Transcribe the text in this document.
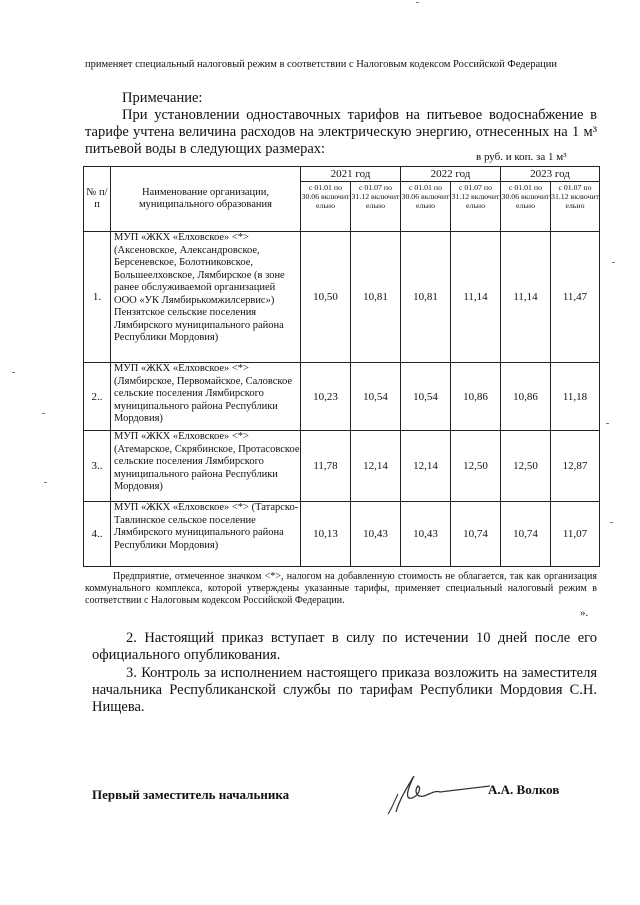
применяет специальный налоговый режим в соответствии с Налоговым кодексом Российской Федерации
Примечание:
При установлении одноставочных тарифов на питьевое водоснабжение в тарифе учтена величина расходов на электрическую энергию, отнесенных на 1 м³ питьевой воды в следующих размерах:	в руб. и коп. за 1 м³
№ п/п	Наименование организации, муниципального образования	2021 год		2022 год		2023 год	
		с 01.01 по 30.06 включит ельно	с 01.07 по 31.12 включит ельно	с 01.01 по 30.06 включит ельно	с 01.07 по 31.12 включит ельно	с 01.01 по 30.06 включит ельно	с 01.07 по 31.12 включит ельно
1.	МУП «ЖКХ «Елховское» <*> (Аксеновское, Александровское, Берсеневское, Болотниковское, Большеелховское, Лямбирское (в зоне ранее обслуживаемой организацией ООО «УК Лямбирькомжилсервис») Пензятское сельские поселения Лямбирского муниципального района Республики Мордовия)	10,50	10,81	10,81	11,14	11,14	11,47
2..	МУП «ЖКХ «Елховское» <*> (Лямбирское, Первомайское, Саловское сельские поселения Лямбирского муниципального района Республики Мордовия)	10,23	10,54	10,54	10,86	10,86	11,18
3..	МУП «ЖКХ «Елховское» <*> (Атемарское, Скрябинское, Протасовское сельские поселения Лямбирского муниципального района Республики Мордовия)	11,78	12,14	12,14	12,50	12,50	12,87
4..	МУП «ЖКХ «Елховское» <*> (Татарско-Тавлинское сельское поселение Лямбирского муниципального района Республики Мордовия)	10,13	10,43	10,43	10,74	10,74	11,07
Предприятие, отмеченное значком <*>, налогом на добавленную стоимость не облагается, так как организация коммунального комплекса, которой утверждены указанные тарифы, применяет специальный налоговый режим в соответствии с Налоговым кодексом Российской Федерации.
».
2. Настоящий приказ вступает в силу по истечении 10 дней после его официального опубликования.
3. Контроль за исполнением настоящего приказа возложить на заместителя начальника Республиканской службы по тарифам Республики Мордовия С.Н. Нищева.
Первый заместитель начальника	А.А. Волков
